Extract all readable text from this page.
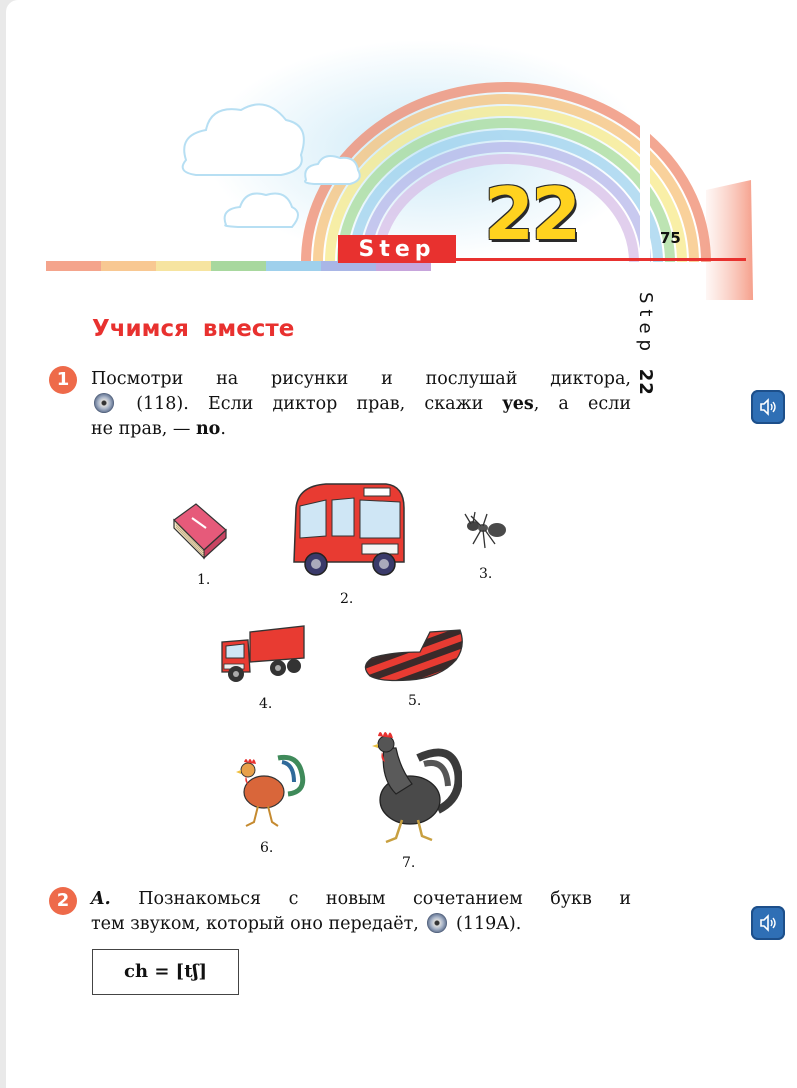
Step 22	75
Step 22
Учимся вместе
1	Посмотри на рисунки и послушай диктора,
(118). Если диктор прав, скажи yes, а если
не прав, — no.
1.
2.
3.
4.	5.
6.
7.
2	A. Познакомься с новым сочетанием букв и
тем звуком, который оно передаёт, (119A).
ch = [tʃ]
